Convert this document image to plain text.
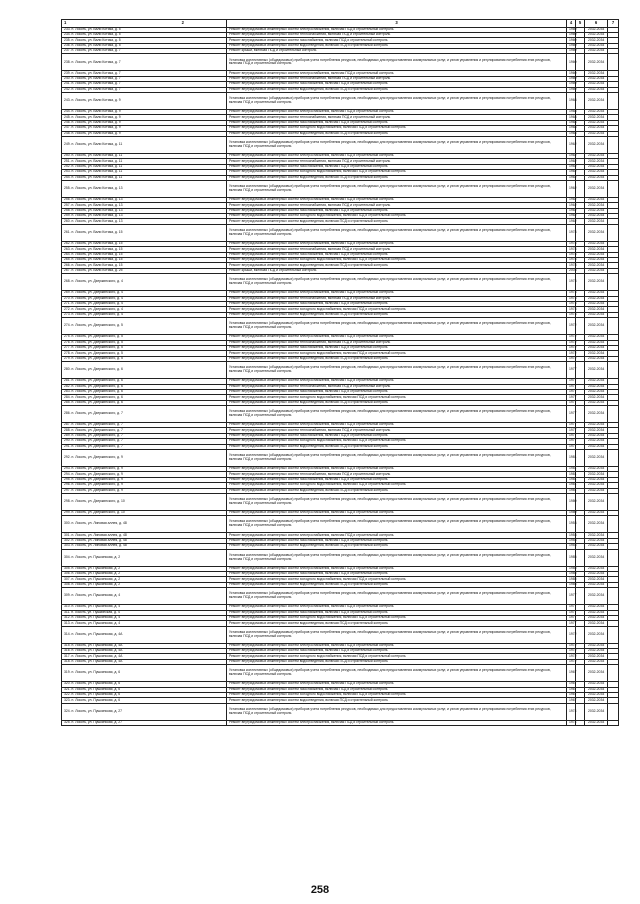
1 2	3	4	5	6	7
233. п. Локоть, ул. Вали Котика, д. 5	Ремонт внутридомовых инженерных систем электроснабжения, включая ПСД и строительный контроль	1960		2032-2034	
234. п. Локоть, ул. Вали Котика, д. 5	Ремонт внутридомовых инженерных систем теплоснабжения, включая ПСД и строительный контроль	1960		2032-2034	
235. п. Локоть, ул. Вали Котика, д. 5	Ремонт внутридомовых инженерных систем газоснабжения, включая ПСД и строительный контроль	1960		2032-2034	
236. п. Локоть, ул. Вали Котика, д. 5	Ремонт внутридомовых инженерных систем водоотведения, включая ПСД и строительный контроль	1960		2032-2034	
237. п. Локоть, ул. Вали Котика, д. 7	Ремонт крыши, включая ПСД и строительный контроль	1960		2032-2034	
238. п. Локоть, ул. Вали Котика, д. 7	Установка коллективных (общедомовых) приборов учета потребления ресурсов, необходимых для предоставления коммунальных услуг, и узлов управления и регулирования потребления этих ресурсов, включая ПСД и строительный контроль	1960		2032-2034	
239. п. Локоть, ул. Вали Котика, д. 7	Ремонт внутридомовых инженерных систем электроснабжения, включая ПСД и строительный контроль	1960		2032-2034	
240. п. Локоть, ул. Вали Котика, д. 7	Ремонт внутридомовых инженерных систем теплоснабжения, включая ПСД и строительный контроль	1960		2032-2034	
241. п. Локоть, ул. Вали Котика, д. 7	Ремонт внутридомовых инженерных систем газоснабжения, включая ПСД и строительный контроль	1960		2032-2034	
242. п. Локоть, ул. Вали Котика, д. 7	Ремонт внутридомовых инженерных систем водоотведения, включая ПСД и строительный контроль	1960		2032-2034	
243. п. Локоть, ул. Вали Котика, д. 9	Установка коллективных (общедомовых) приборов учета потребления ресурсов, необходимых для предоставления коммунальных услуг, и узлов управления и регулирования потребления этих ресурсов, включая ПСД и строительный контроль	1968		2032-2034	
244. п. Локоть, ул. Вали Котика, д. 9	Ремонт внутридомовых инженерных систем электроснабжения, включая ПСД и строительный контроль	1968		2032-2034	
245. п. Локоть, ул. Вали Котика, д. 9	Ремонт внутридомовых инженерных систем теплоснабжения, включая ПСД и строительный контроль	1968		2032-2034	
246. п. Локоть, ул. Вали Котика, д. 9	Ремонт внутридомовых инженерных систем газоснабжения, включая ПСД и строительный контроль	1968		2032-2034	
247. п. Локоть, ул. Вали Котика, д. 9	Ремонт внутридомовых инженерных систем холодного водоснабжения, включая ПСД и строительный контроль	1968		2032-2034	
248. п. Локоть, ул. Вали Котика, д. 9	Ремонт внутридомовых инженерных систем водоотведения, включая ПСД и строительный контроль	1968		2032-2034	
249. п. Локоть, ул. Вали Котика, д. 11	Установка коллективных (общедомовых) приборов учета потребления ресурсов, необходимых для предоставления коммунальных услуг, и узлов управления и регулирования потребления этих ресурсов, включая ПСД и строительный контроль	1962		2032-2034	
250. п. Локоть, ул. Вали Котика, д. 11	Ремонт внутридомовых инженерных систем электроснабжения, включая ПСД и строительный контроль	1962		2032-2034	
251. п. Локоть, ул. Вали Котика, д. 11	Ремонт внутридомовых инженерных систем теплоснабжения, включая ПСД и строительный контроль	1962		2032-2034	
252. п. Локоть, ул. Вали Котика, д. 11	Ремонт внутридомовых инженерных систем газоснабжения, включая ПСД и строительный контроль	1962		2032-2034	
253. п. Локоть, ул. Вали Котика, д. 11	Ремонт внутридомовых инженерных систем холодного водоснабжения, включая ПСД и строительный контроль	1962		2032-2034	
254. п. Локоть, ул. Вали Котика, д. 11	Ремонт внутридомовых инженерных систем водоотведения, включая ПСД и строительный контроль	1962		2032-2034	
255. п. Локоть, ул. Вали Котика, д. 13	Установка коллективных (общедомовых) приборов учета потребления ресурсов, необходимых для предоставления коммунальных услуг, и узлов управления и регулирования потребления этих ресурсов, включая ПСД и строительный контроль	1962		2032-2034	
256. п. Локоть, ул. Вали Котика, д. 13	Ремонт внутридомовых инженерных систем электроснабжения, включая ПСД и строительный контроль	1962		2032-2034	
257. п. Локоть, ул. Вали Котика, д. 13	Ремонт внутридомовых инженерных систем теплоснабжения, включая ПСД и строительный контроль	1962		2032-2034	
258. п. Локоть, ул. Вали Котика, д. 13	Ремонт внутридомовых инженерных систем газоснабжения, включая ПСД и строительный контроль	1962		2032-2034	
259. п. Локоть, ул. Вали Котика, д. 13	Ремонт внутридомовых инженерных систем холодного водоснабжения, включая ПСД и строительный контроль	1962		2032-2034	
260. п. Локоть, ул. Вали Котика, д. 13	Ремонт внутридомовых инженерных систем водоотведения, включая ПСД и строительный контроль	1962		2032-2034	
261. п. Локоть, ул. Вали Котика, д. 15	Установка коллективных (общедомовых) приборов учета потребления ресурсов, необходимых для предоставления коммунальных услуг, и узлов управления и регулирования потребления этих ресурсов, включая ПСД и строительный контроль	1978		2032-2034	
262. п. Локоть, ул. Вали Котика, д. 15	Ремонт внутридомовых инженерных систем электроснабжения, включая ПСД и строительный контроль	1978		2032-2034	
263. п. Локоть, ул. Вали Котика, д. 15	Ремонт внутридомовых инженерных систем теплоснабжения, включая ПСД и строительный контроль	1978		2032-2034	
264. п. Локоть, ул. Вали Котика, д. 15	Ремонт внутридомовых инженерных систем газоснабжения, включая ПСД и строительный контроль	1978		2032-2034	
265. п. Локоть, ул. Вали Котика, д. 15	Ремонт внутридомовых инженерных систем холодного водоснабжения, включая ПСД и строительный контроль	1978		2032-2034	
266. п. Локоть, ул. Вали Котика, д. 15	Ремонт внутридомовых инженерных систем водоотведения, включая ПСД и строительный контроль	1978		2032-2034	
267. п. Локоть, ул. Вали Котика, д. 25	Ремонт крыши, включая ПСД и строительный контроль	2003		2032-2034	
268. п. Локоть, ул. Дзержинского, д. 4	Установка коллективных (общедомовых) приборов учета потребления ресурсов, необходимых для предоставления коммунальных услуг, и узлов управления и регулирования потребления этих ресурсов, включая ПСД и строительный контроль	1973		2032-2034	
269. п. Локоть, ул. Дзержинского, д. 4	Ремонт внутридомовых инженерных систем электроснабжения, включая ПСД и строительный контроль	1973		2032-2034	
270. п. Локоть, ул. Дзержинского, д. 4	Ремонт внутридомовых инженерных систем теплоснабжения, включая ПСД и строительный контроль	1973		2032-2034	
271. п. Локоть, ул. Дзержинского, д. 4	Ремонт внутридомовых инженерных систем газоснабжения, включая ПСД и строительный контроль	1973		2032-2034	
272. п. Локоть, ул. Дзержинского, д. 4	Ремонт внутридомовых инженерных систем холодного водоснабжения, включая ПСД и строительный контроль	1973		2032-2034	
273. п. Локоть, ул. Дзержинского, д. 4	Ремонт внутридомовых инженерных систем водоотведения, включая ПСД и строительный контроль	1973		2032-2034	
274. п. Локоть, ул. Дзержинского, д. 5	Установка коллективных (общедомовых) приборов учета потребления ресурсов, необходимых для предоставления коммунальных услуг, и узлов управления и регулирования потребления этих ресурсов, включая ПСД и строительный контроль	1972		2032-2034	
275. п. Локоть, ул. Дзержинского, д. 5	Ремонт внутридомовых инженерных систем электроснабжения, включая ПСД и строительный контроль	1972		2032-2034	
276. п. Локоть, ул. Дзержинского, д. 5	Ремонт внутридомовых инженерных систем теплоснабжения, включая ПСД и строительный контроль	1972		2032-2034	
277. п. Локоть, ул. Дзержинского, д. 5	Ремонт внутридомовых инженерных систем газоснабжения, включая ПСД и строительный контроль	1972		2032-2034	
278. п. Локоть, ул. Дзержинского, д. 5	Ремонт внутридомовых инженерных систем холодного водоснабжения, включая ПСД и строительный контроль	1972		2032-2034	
279. п. Локоть, ул. Дзержинского, д. 5	Ремонт внутридомовых инженерных систем водоотведения, включая ПСД и строительный контроль	1972		2032-2034	
280. п. Локоть, ул. Дзержинского, д. 6	Установка коллективных (общедомовых) приборов учета потребления ресурсов, необходимых для предоставления коммунальных услуг, и узлов управления и регулирования потребления этих ресурсов, включая ПСД и строительный контроль	1977		2032-2034	
281. п. Локоть, ул. Дзержинского, д. 6	Ремонт внутридомовых инженерных систем электроснабжения, включая ПСД и строительный контроль	1977		2032-2034	
282. п. Локоть, ул. Дзержинского, д. 6	Ремонт внутридомовых инженерных систем теплоснабжения, включая ПСД и строительный контроль	1977		2032-2034	
283. п. Локоть, ул. Дзержинского, д. 6	Ремонт внутридомовых инженерных систем газоснабжения, включая ПСД и строительный контроль	1977		2032-2034	
284. п. Локоть, ул. Дзержинского, д. 6	Ремонт внутридомовых инженерных систем холодного водоснабжения, включая ПСД и строительный контроль	1977		2032-2034	
285. п. Локоть, ул. Дзержинского, д. 6	Ремонт внутридомовых инженерных систем водоотведения, включая ПСД и строительный контроль	1977		2032-2034	
286. п. Локоть, ул. Дзержинского, д. 7	Установка коллективных (общедомовых) приборов учета потребления ресурсов, необходимых для предоставления коммунальных услуг, и узлов управления и регулирования потребления этих ресурсов, включая ПСД и строительный контроль	1977		2032-2034	
287. п. Локоть, ул. Дзержинского, д. 7	Ремонт внутридомовых инженерных систем электроснабжения, включая ПСД и строительный контроль	1977		2032-2034	
288. п. Локоть, ул. Дзержинского, д. 7	Ремонт внутридомовых инженерных систем теплоснабжения, включая ПСД и строительный контроль	1977		2032-2034	
289. п. Локоть, ул. Дзержинского, д. 7	Ремонт внутридомовых инженерных систем газоснабжения, включая ПСД и строительный контроль	1977		2032-2034	
290. п. Локоть, ул. Дзержинского, д. 7	Ремонт внутридомовых инженерных систем холодного водоснабжения, включая ПСД и строительный контроль	1977		2032-2034	
291. п. Локоть, ул. Дзержинского, д. 7	Ремонт внутридомовых инженерных систем водоотведения, включая ПСД и строительный контроль	1977		2032-2034	
292. п. Локоть, ул. Дзержинского, д. 9	Установка коллективных (общедомовых) приборов учета потребления ресурсов, необходимых для предоставления коммунальных услуг, и узлов управления и регулирования потребления этих ресурсов, включая ПСД и строительный контроль	1981		2032-2034	
293. п. Локоть, ул. Дзержинского, д. 9	Ремонт внутридомовых инженерных систем электроснабжения, включая ПСД и строительный контроль	1981		2032-2034	
294. п. Локоть, ул. Дзержинского, д. 9	Ремонт внутридомовых инженерных систем теплоснабжения, включая ПСД и строительный контроль	1981		2032-2034	
295. п. Локоть, ул. Дзержинского, д. 9	Ремонт внутридомовых инженерных систем газоснабжения, включая ПСД и строительный контроль	1981		2032-2034	
296. п. Локоть, ул. Дзержинского, д. 9	Ремонт внутридомовых инженерных систем холодного водоснабжения, включая ПСД и строительный контроль	1981		2032-2034	
297. п. Локоть, ул. Дзержинского, д. 9	Ремонт внутридомовых инженерных систем водоотведения, включая ПСД и строительный контроль	1981		2032-2034	
298. п. Локоть, ул. Дзержинского, д. 10	Установка коллективных (общедомовых) приборов учета потребления ресурсов, необходимых для предоставления коммунальных услуг, и узлов управления и регулирования потребления этих ресурсов, включая ПСД и строительный контроль	1980		2032-2034	
299. п. Локоть, ул. Дзержинского, д. 10	Ремонт внутридомовых инженерных систем электроснабжения, включая ПСД и строительный контроль	1980		2032-2034	
300. п. Локоть, ул. Липовая аллея, д. 48	Установка коллективных (общедомовых) приборов учета потребления ресурсов, необходимых для предоставления коммунальных услуг, и узлов управления и регулирования потребления этих ресурсов, включая ПСД и строительный контроль	1953		2032-2034	
301. п. Локоть, ул. Липовая аллея, д. 48	Ремонт внутридомовых инженерных систем электроснабжения, включая ПСД и строительный контроль	1953		2032-2034	
302. п. Локоть, ул. Липовая аллея, д. 48	Ремонт внутридомовых инженерных систем газоснабжения, включая ПСД и строительный контроль	1953		2032-2034	
303. п. Локоть, ул. Липовая аллея, д. 48	Ремонт внутридомовых инженерных систем водоотведения, включая ПСД и строительный контроль	1953		2032-2034	
304. п. Локоть, ул. Пушкинская, д. 2	Установка коллективных (общедомовых) приборов учета потребления ресурсов, необходимых для предоставления коммунальных услуг, и узлов управления и регулирования потребления этих ресурсов, включая ПСД и строительный контроль	1985		2032-2034	
305. п. Локоть, ул. Пушкинская, д. 2	Ремонт внутридомовых инженерных систем электроснабжения, включая ПСД и строительный контроль	1985		2032-2034	
306. п. Локоть, ул. Пушкинская, д. 2	Ремонт внутридомовых инженерных систем газоснабжения, включая ПСД и строительный контроль	1985		2032-2034	
307. п. Локоть, ул. Пушкинская, д. 2	Ремонт внутридомовых инженерных систем холодного водоснабжения, включая ПСД и строительный контроль	1985		2032-2034	
308. п. Локоть, ул. Пушкинская, д. 2	Ремонт внутридомовых инженерных систем водоотведения, включая ПСД и строительный контроль	1985		2032-2034	
309. п. Локоть, ул. Пушкинская, д. 4	Установка коллективных (общедомовых) приборов учета потребления ресурсов, необходимых для предоставления коммунальных услуг, и узлов управления и регулирования потребления этих ресурсов, включая ПСД и строительный контроль	1977		2032-2034	
310. п. Локоть, ул. Пушкинская, д. 4	Ремонт внутридомовых инженерных систем электроснабжения, включая ПСД и строительный контроль	1977		2032-2034	
311. п. Локоть, ул. Пушкинская, д. 4	Ремонт внутридомовых инженерных систем газоснабжения, включая ПСД и строительный контроль	1977		2032-2034	
312. п. Локоть, ул. Пушкинская, д. 4	Ремонт внутридомовых инженерных систем холодного водоснабжения, включая ПСД и строительный контроль	1977		2032-2034	
313. п. Локоть, ул. Пушкинская, д. 4	Ремонт внутридомовых инженерных систем водоотведения, включая ПСД и строительный контроль	1977		2032-2034	
314. п. Локоть, ул. Пушкинская, д. 4А	Установка коллективных (общедомовых) приборов учета потребления ресурсов, необходимых для предоставления коммунальных услуг, и узлов управления и регулирования потребления этих ресурсов, включая ПСД и строительный контроль	1972		2032-2034	
315. п. Локоть, ул. Пушкинская, д. 4А	Ремонт внутридомовых инженерных систем электроснабжения, включая ПСД и строительный контроль	1972		2032-2034	
316. п. Локоть, ул. Пушкинская, д. 4А	Ремонт внутридомовых инженерных систем газоснабжения, включая ПСД и строительный контроль	1972		2032-2034	
317. п. Локоть, ул. Пушкинская, д. 4А	Ремонт внутридомовых инженерных систем холодного водоснабжения, включая ПСД и строительный контроль	1972		2032-2034	
318. п. Локоть, ул. Пушкинская, д. 4А	Ремонт внутридомовых инженерных систем водоотведения, включая ПСД и строительный контроль	1972		2032-2034	
319. п. Локоть, ул. Пушкинская, д. 6	Установка коллективных (общедомовых) приборов учета потребления ресурсов, необходимых для предоставления коммунальных услуг, и узлов управления и регулирования потребления этих ресурсов, включая ПСД и строительный контроль	1967		2032-2034	
320. п. Локоть, ул. Пушкинская, д. 6	Ремонт внутридомовых инженерных систем электроснабжения, включая ПСД и строительный контроль	1967		2032-2034	
321. п. Локоть, ул. Пушкинская, д. 6	Ремонт внутридомовых инженерных систем газоснабжения, включая ПСД и строительный контроль	1967		2032-2034	
322. п. Локоть, ул. Пушкинская, д. 6	Ремонт внутридомовых инженерных систем холодного водоснабжения, включая ПСД и строительный контроль	1967		2032-2034	
323. п. Локоть, ул. Пушкинская, д. 6	Ремонт внутридомовых инженерных систем водоотведения, включая ПСД и строительный контроль	1967		2032-2034	
324. п. Локоть, ул. Пушкинская, д. 27	Установка коллективных (общедомовых) приборов учета потребления ресурсов, необходимых для предоставления коммунальных услуг, и узлов управления и регулирования потребления этих ресурсов, включая ПСД и строительный контроль	1974		2032-2034	
325. п. Локоть, ул. Пушкинская, д. 27	Ремонт внутридомовых инженерных систем электроснабжения, включая ПСД и строительный контроль	1974		2032-2034	
258
